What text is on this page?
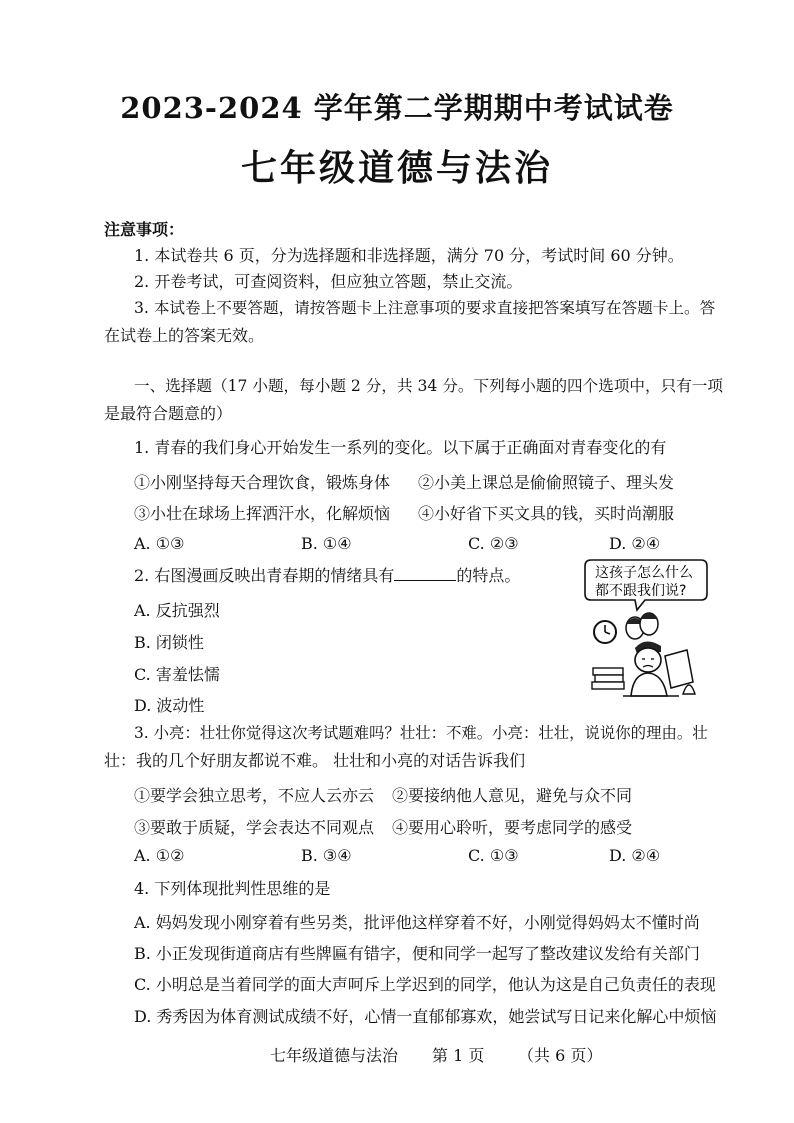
2023-2024 学年第二学期期中考试试卷
七年级道德与法治
注意事项：
1. 本试卷共 6 页，分为选择题和非选择题，满分 70 分，考试时间 60 分钟。
2. 开卷考试，可查阅资料，但应独立答题，禁止交流。
3. 本试卷上不要答题，请按答题卡上注意事项的要求直接把答案填写在答题卡上。答
在试卷上的答案无效。
一、选择题（17 小题，每小题 2 分，共 34 分。下列每小题的四个选项中，只有一项
是最符合题意的）
1. 青春的我们身心开始发生一系列的变化。以下属于正确面对青春变化的有
①小刚坚持每天合理饮食，锻炼身体 ②小美上课总是偷偷照镜子、理头发
③小壮在球场上挥洒汗水，化解烦恼 ④小好省下买文具的钱，买时尚潮服
A. ①③	B. ①④	C. ②③	D. ②④
2. 右图漫画反映出青春期的情绪具有	的特点。
A. 反抗强烈
B. 闭锁性
C. 害羞怯懦
D. 波动性
这孩子怎么什么
都不跟我们说?
3. 小亮：壮壮你觉得这次考试题难吗？壮壮：不难。小亮：壮壮，说说你的理由。壮
壮：我的几个好朋友都说不难。 壮壮和小亮的对话告诉我们
①要学会独立思考，不应人云亦云 ②要接纳他人意见，避免与众不同
③要敢于质疑，学会表达不同观点 ④要用心聆听，要考虑同学的感受
A. ①②	B. ③④	C. ①③	D. ②④
4. 下列体现批判性思维的是
A. 妈妈发现小刚穿着有些另类，批评他这样穿着不好，小刚觉得妈妈太不懂时尚
B. 小正发现街道商店有些牌匾有错字，便和同学一起写了整改建议发给有关部门
C. 小明总是当着同学的面大声呵斥上学迟到的同学，他认为这是自己负责任的表现
D. 秀秀因为体育测试成绩不好，心情一直郁郁寡欢，她尝试写日记来化解心中烦恼
七年级道德与法治 第 1 页 （共 6 页）
